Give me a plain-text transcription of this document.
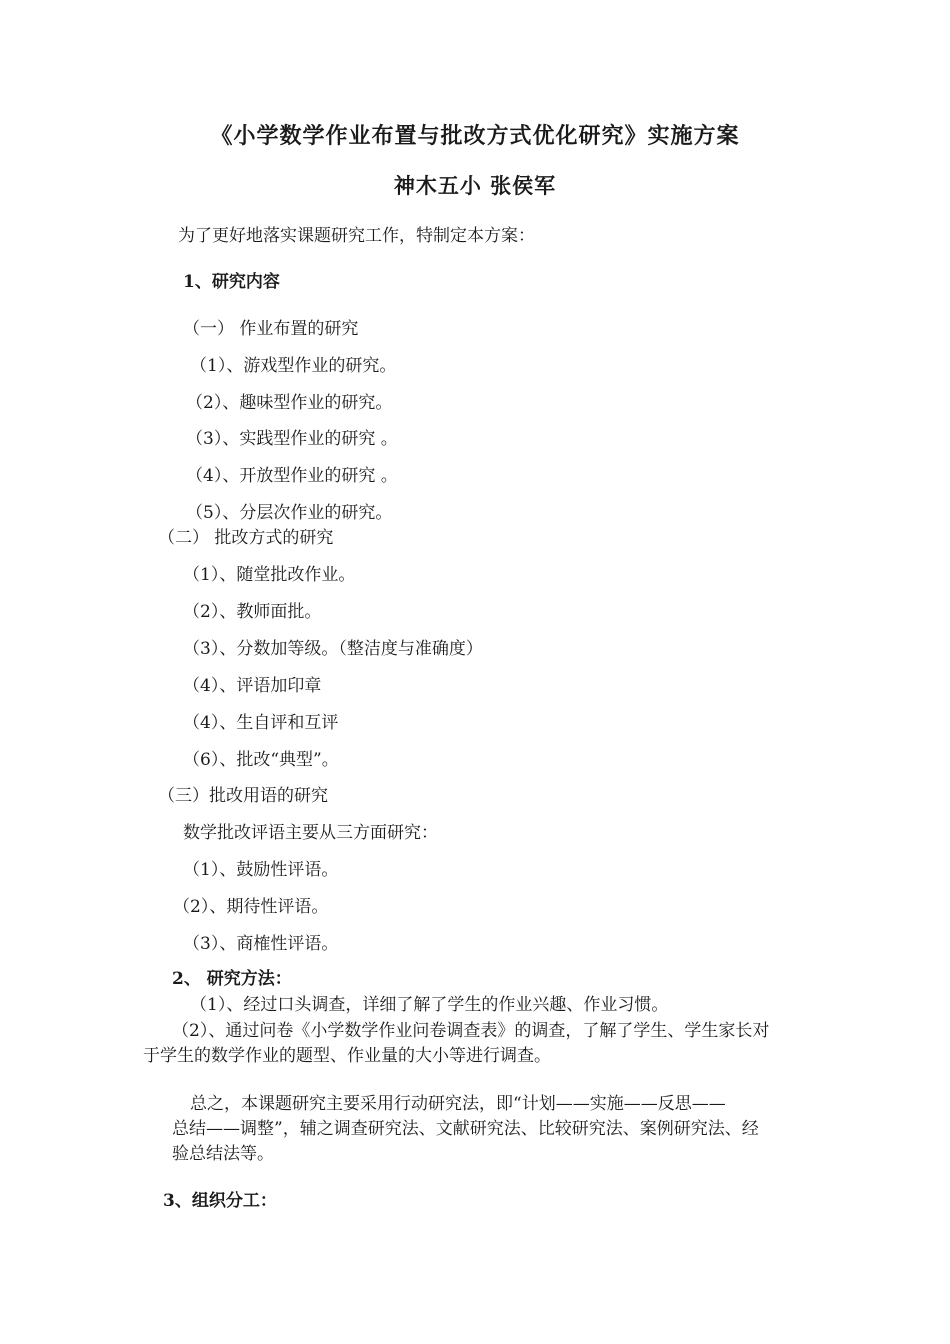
《小学数学作业布置与批改方式优化研究》实施方案
神木五小 张侯军
为了更好地落实课题研究工作，特制定本方案：
1、研究内容
（一） 作业布置的研究
（1）、游戏型作业的研究。
（2）、趣味型作业的研究。
（3）、实践型作业的研究 。
（4）、开放型作业的研究 。
（5）、分层次作业的研究。
（二） 批改方式的研究
（1）、随堂批改作业。
（2）、教师面批。
（3）、分数加等级。（整洁度与准确度）
（4）、评语加印章
（4）、生自评和互评
（6）、批改“典型”。
（三）批改用语的研究
数学批改评语主要从三方面研究：
（1）、鼓励性评语。
（2）、期待性评语。
（3）、商榷性评语。
2、 研究方法：
（1）、经过口头调查，详细了解了学生的作业兴趣、作业习惯。
（2）、通过问卷《小学数学作业问卷调查表》的调查，了解了学生、学生家长对
于学生的数学作业的题型、作业量的大小等进行调查。
总之，本课题研究主要采用行动研究法，即“计划——实施——反思——
总结——调整”，辅之调查研究法、文献研究法、比较研究法、案例研究法、经
验总结法等。
3、组织分工：
